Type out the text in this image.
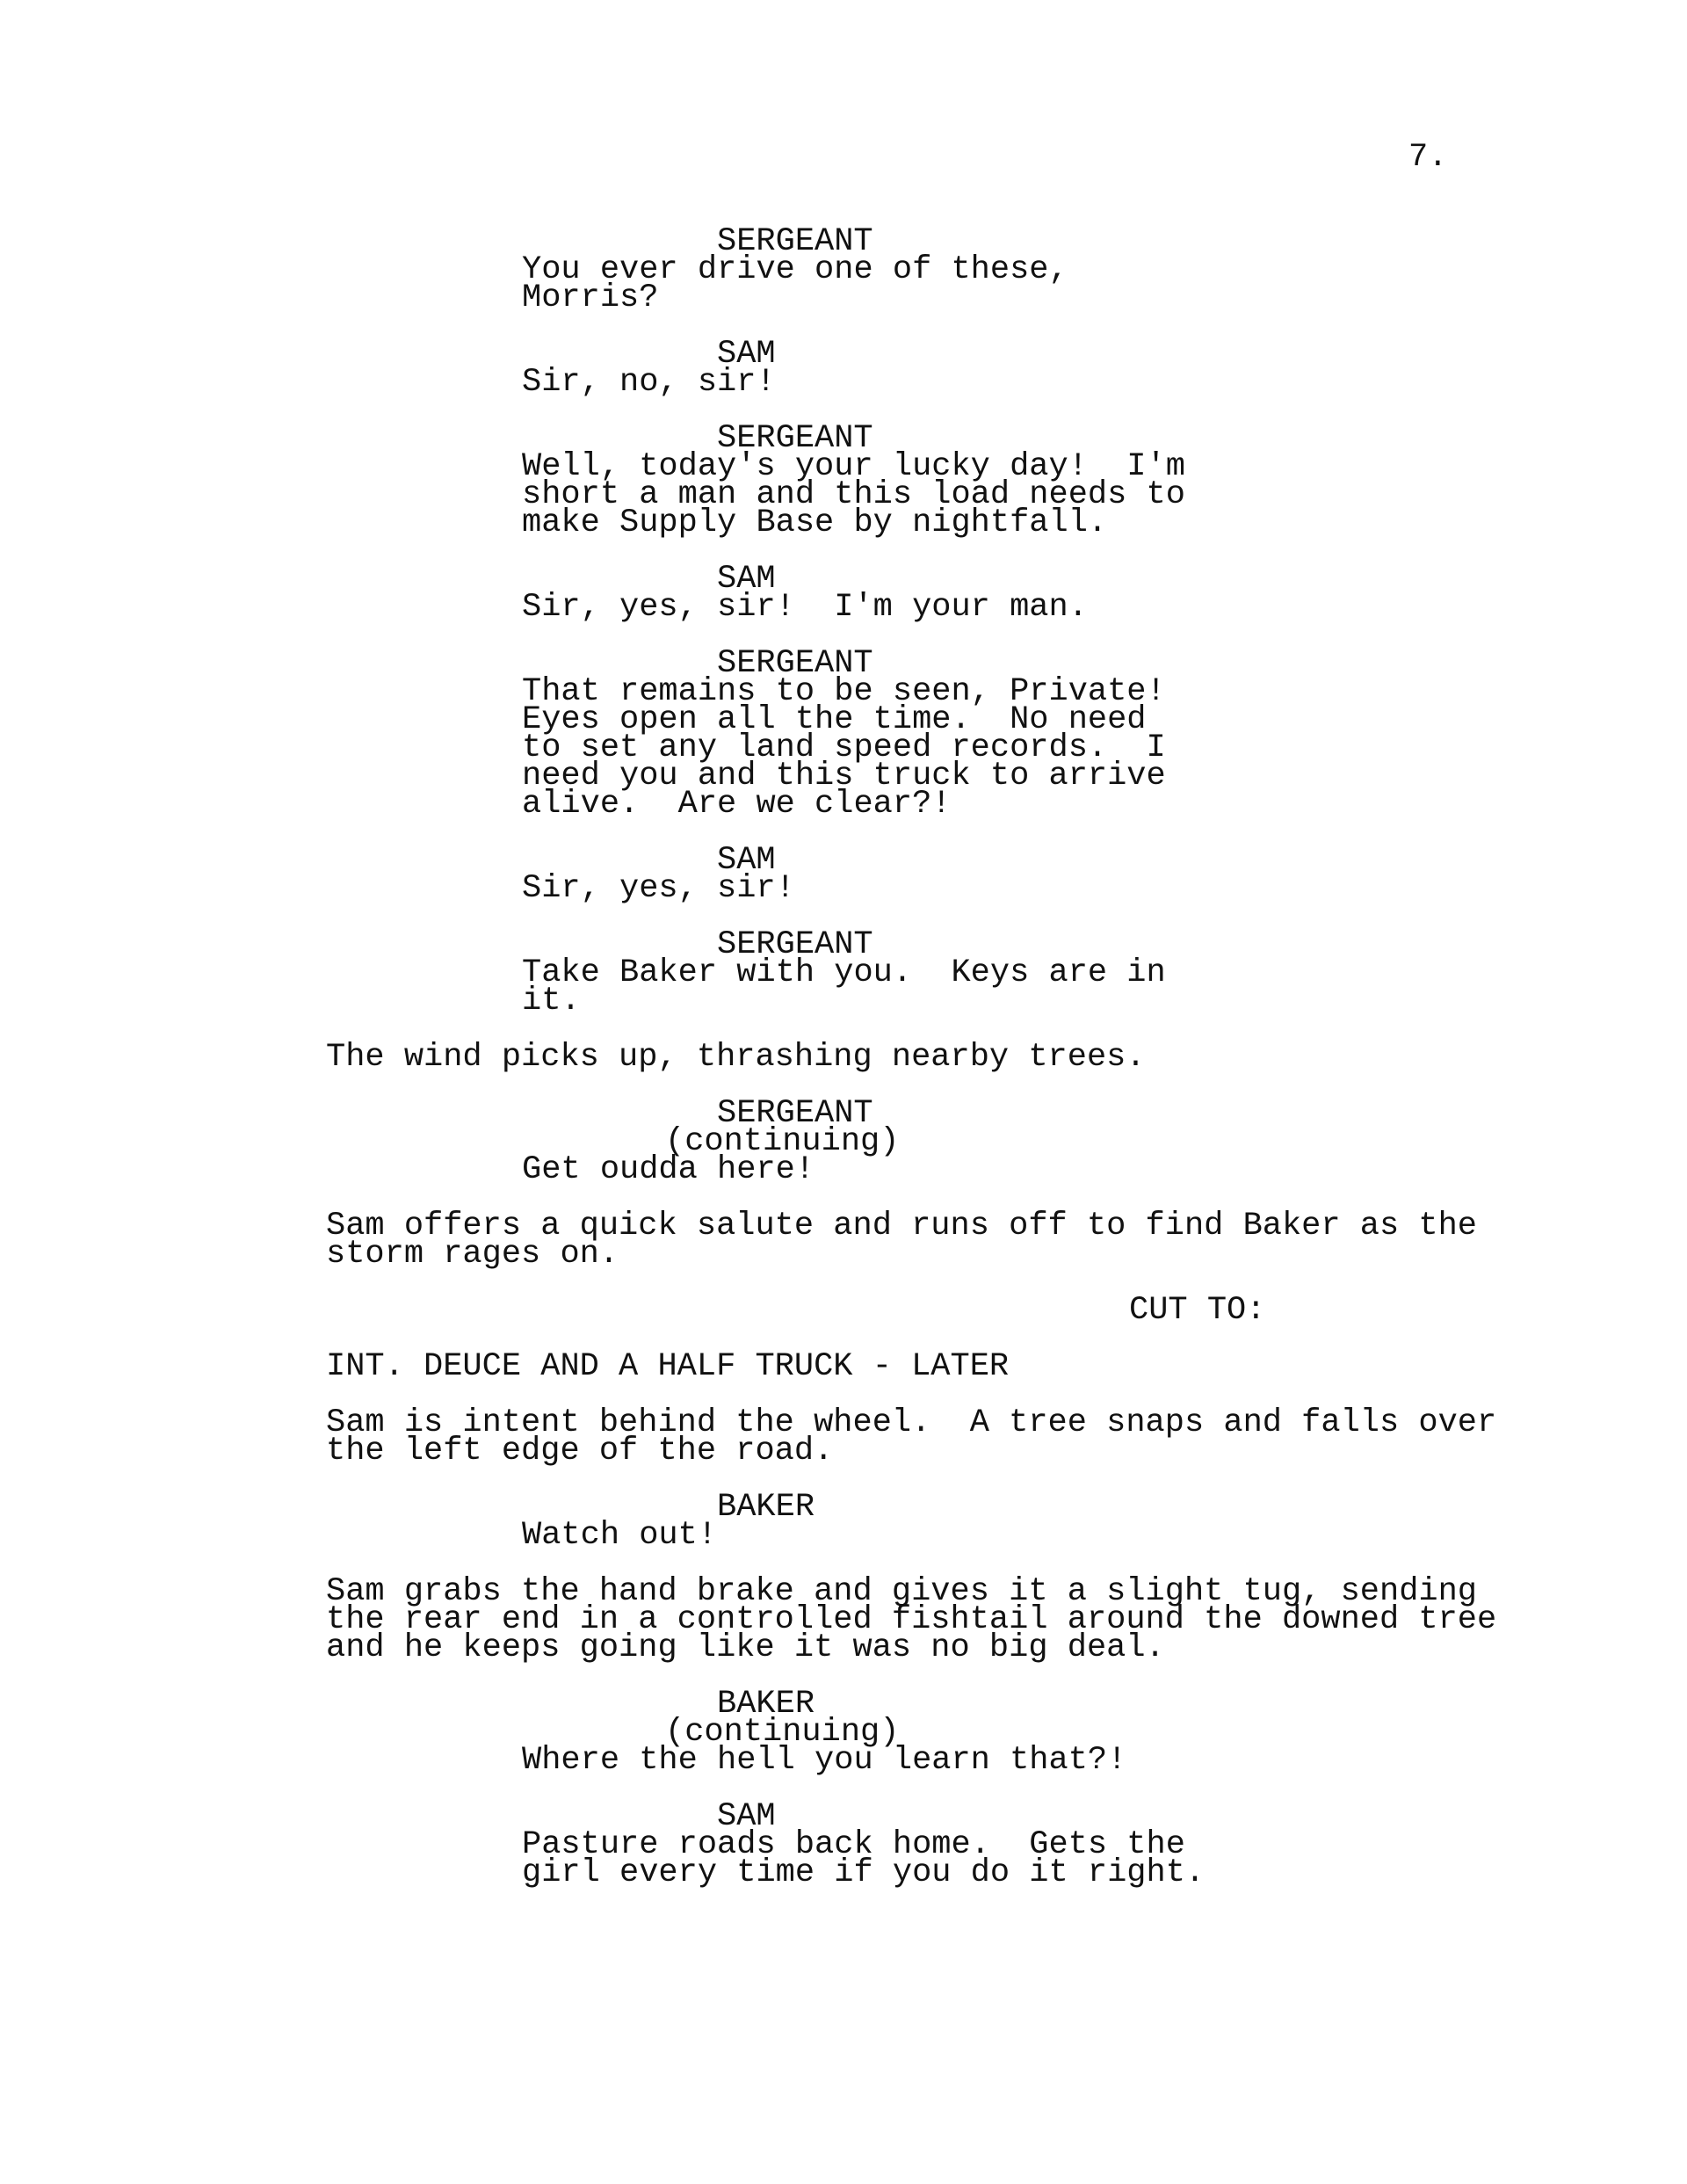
7.
SERGEANT
You ever drive one of these,
Morris?
SAM
Sir, no, sir!
SERGEANT
Well, today's your lucky day!  I'm
short a man and this load needs to
make Supply Base by nightfall.
SAM
Sir, yes, sir!  I'm your man.
SERGEANT
That remains to be seen, Private!
Eyes open all the time.  No need
to set any land speed records.  I
need you and this truck to arrive
alive.  Are we clear?!
SAM
Sir, yes, sir!
SERGEANT
Take Baker with you.  Keys are in
it.
The wind picks up, thrashing nearby trees.
SERGEANT
(continuing)
Get oudda here!
Sam offers a quick salute and runs off to find Baker as the
storm rages on.
CUT TO:
INT. DEUCE AND A HALF TRUCK - LATER
Sam is intent behind the wheel.  A tree snaps and falls over
the left edge of the road.
BAKER
Watch out!
Sam grabs the hand brake and gives it a slight tug, sending
the rear end in a controlled fishtail around the downed tree
and he keeps going like it was no big deal.
BAKER
(continuing)
Where the hell you learn that?!
SAM
Pasture roads back home.  Gets the
girl every time if you do it right.
